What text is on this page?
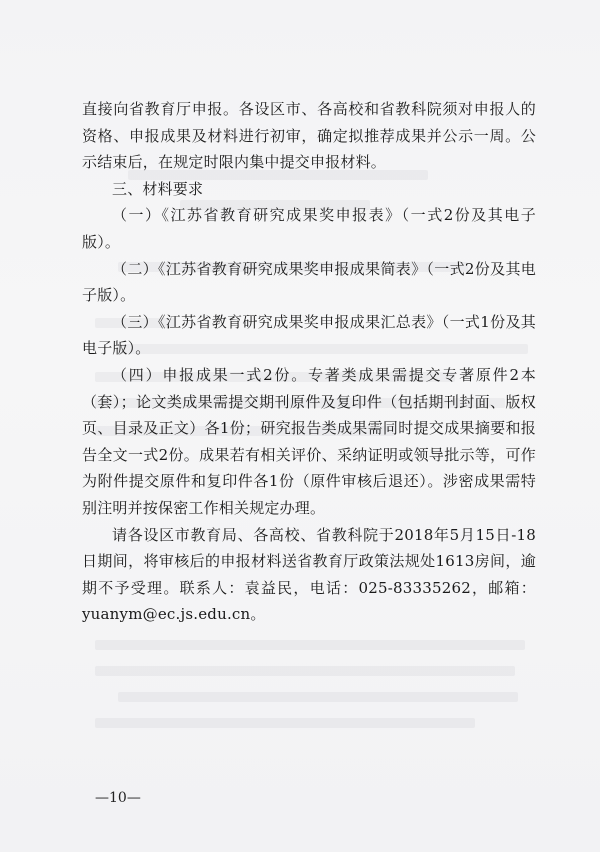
直接向省教育厅申报。各设区市、各高校和省教科院须对申报人的资格、申报成果及材料进行初审，确定拟推荐成果并公示一周。公示结束后，在规定时限内集中提交申报材料。

三、材料要求

（一）《江苏省教育研究成果奖申报表》（一式2份及其电子版）。

（二）《江苏省教育研究成果奖申报成果简表》（一式2份及其电子版）。

（三）《江苏省教育研究成果奖申报成果汇总表》（一式1份及其电子版）。

（四）申报成果一式2份。专著类成果需提交专著原件2本（套）；论文类成果需提交期刊原件及复印件（包括期刊封面、版权页、目录及正文）各1份；研究报告类成果需同时提交成果摘要和报告全文一式2份。成果若有相关评价、采纳证明或领导批示等，可作为附件提交原件和复印件各1份（原件审核后退还）。涉密成果需特别注明并按保密工作相关规定办理。

请各设区市教育局、各高校、省教科院于2018年5月15日-18日期间，将审核后的申报材料送省教育厅政策法规处1613房间，逾期不予受理。联系人：袁益民，电话：025-83335262，邮箱：yuanym@ec.js.edu.cn。

—10—
